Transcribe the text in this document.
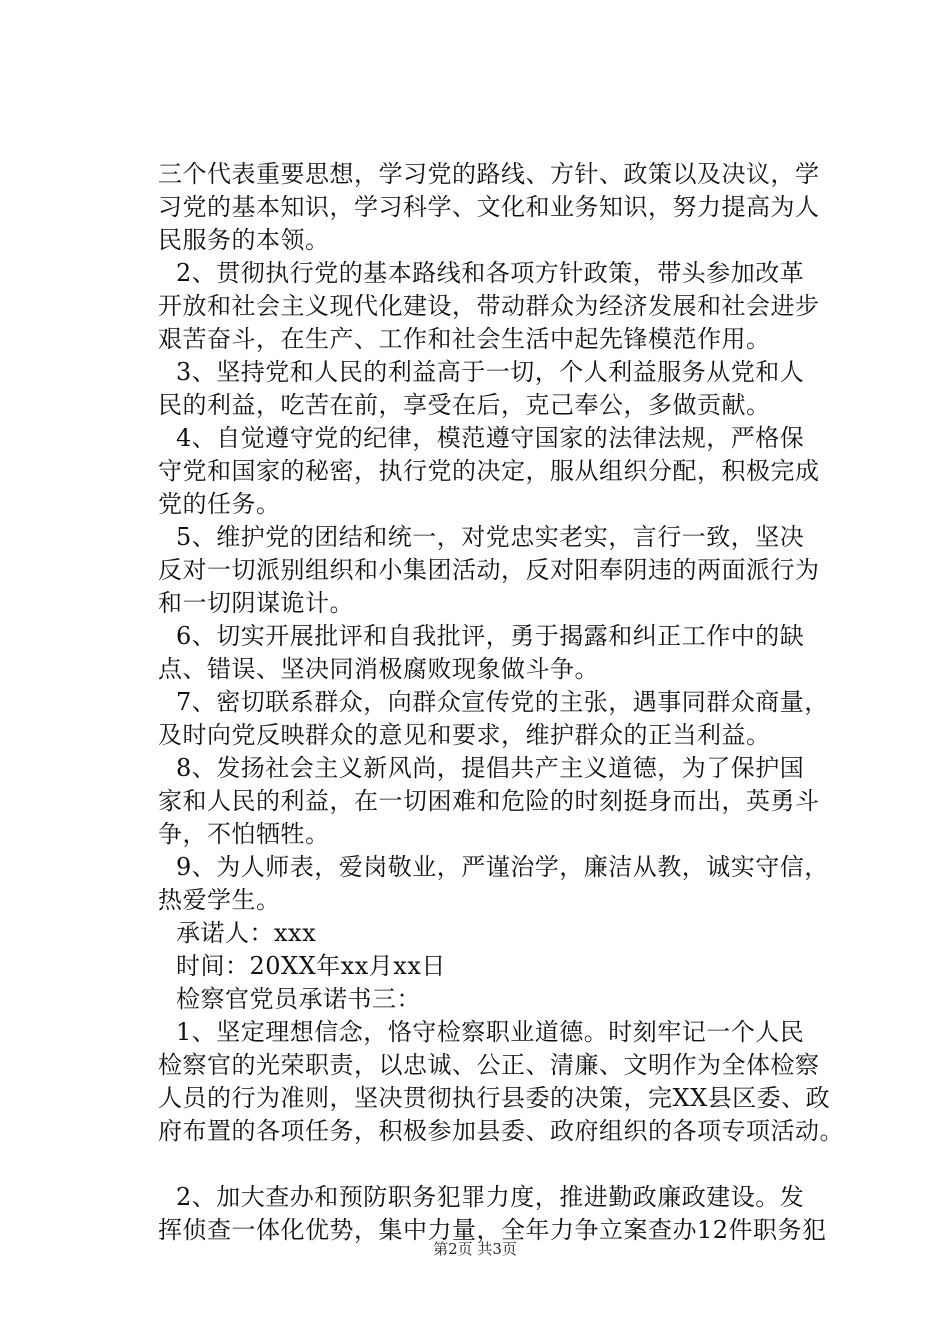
三个代表重要思想，学习党的路线、方针、政策以及决议，学
习党的基本知识，学习科学、文化和业务知识，努力提高为人
民服务的本领。
2、贯彻执行党的基本路线和各项方针政策，带头参加改革
开放和社会主义现代化建设，带动群众为经济发展和社会进步
艰苦奋斗，在生产、工作和社会生活中起先锋模范作用。
3、坚持党和人民的利益高于一切，个人利益服务从党和人
民的利益，吃苦在前，享受在后，克己奉公，多做贡献。
4、自觉遵守党的纪律，模范遵守国家的法律法规，严格保
守党和国家的秘密，执行党的决定，服从组织分配，积极完成
党的任务。
5、维护党的团结和统一，对党忠实老实，言行一致，坚决
反对一切派别组织和小集团活动，反对阳奉阴违的两面派行为
和一切阴谋诡计。
6、切实开展批评和自我批评，勇于揭露和纠正工作中的缺
点、错误、坚决同消极腐败现象做斗争。
7、密切联系群众，向群众宣传党的主张，遇事同群众商量，
及时向党反映群众的意见和要求，维护群众的正当利益。
8、发扬社会主义新风尚，提倡共产主义道德，为了保护国
家和人民的利益，在一切困难和危险的时刻挺身而出，英勇斗
争，不怕牺牲。
9、为人师表，爱岗敬业，严谨治学，廉洁从教，诚实守信，
热爱学生。
承诺人：xxx
时间：20XX年xx月xx日
检察官党员承诺书三：
1、坚定理想信念，恪守检察职业道德。时刻牢记一个人民
检察官的光荣职责，以忠诚、公正、清廉、文明作为全体检察
人员的行为准则，坚决贯彻执行县委的决策，完XX县区委、政
府布置的各项任务，积极参加县委、政府组织的各项专项活动。
2、加大查办和预防职务犯罪力度，推进勤政廉政建设。发
挥侦查一体化优势，集中力量，全年力争立案查办12件职务犯
第2页 共3页
